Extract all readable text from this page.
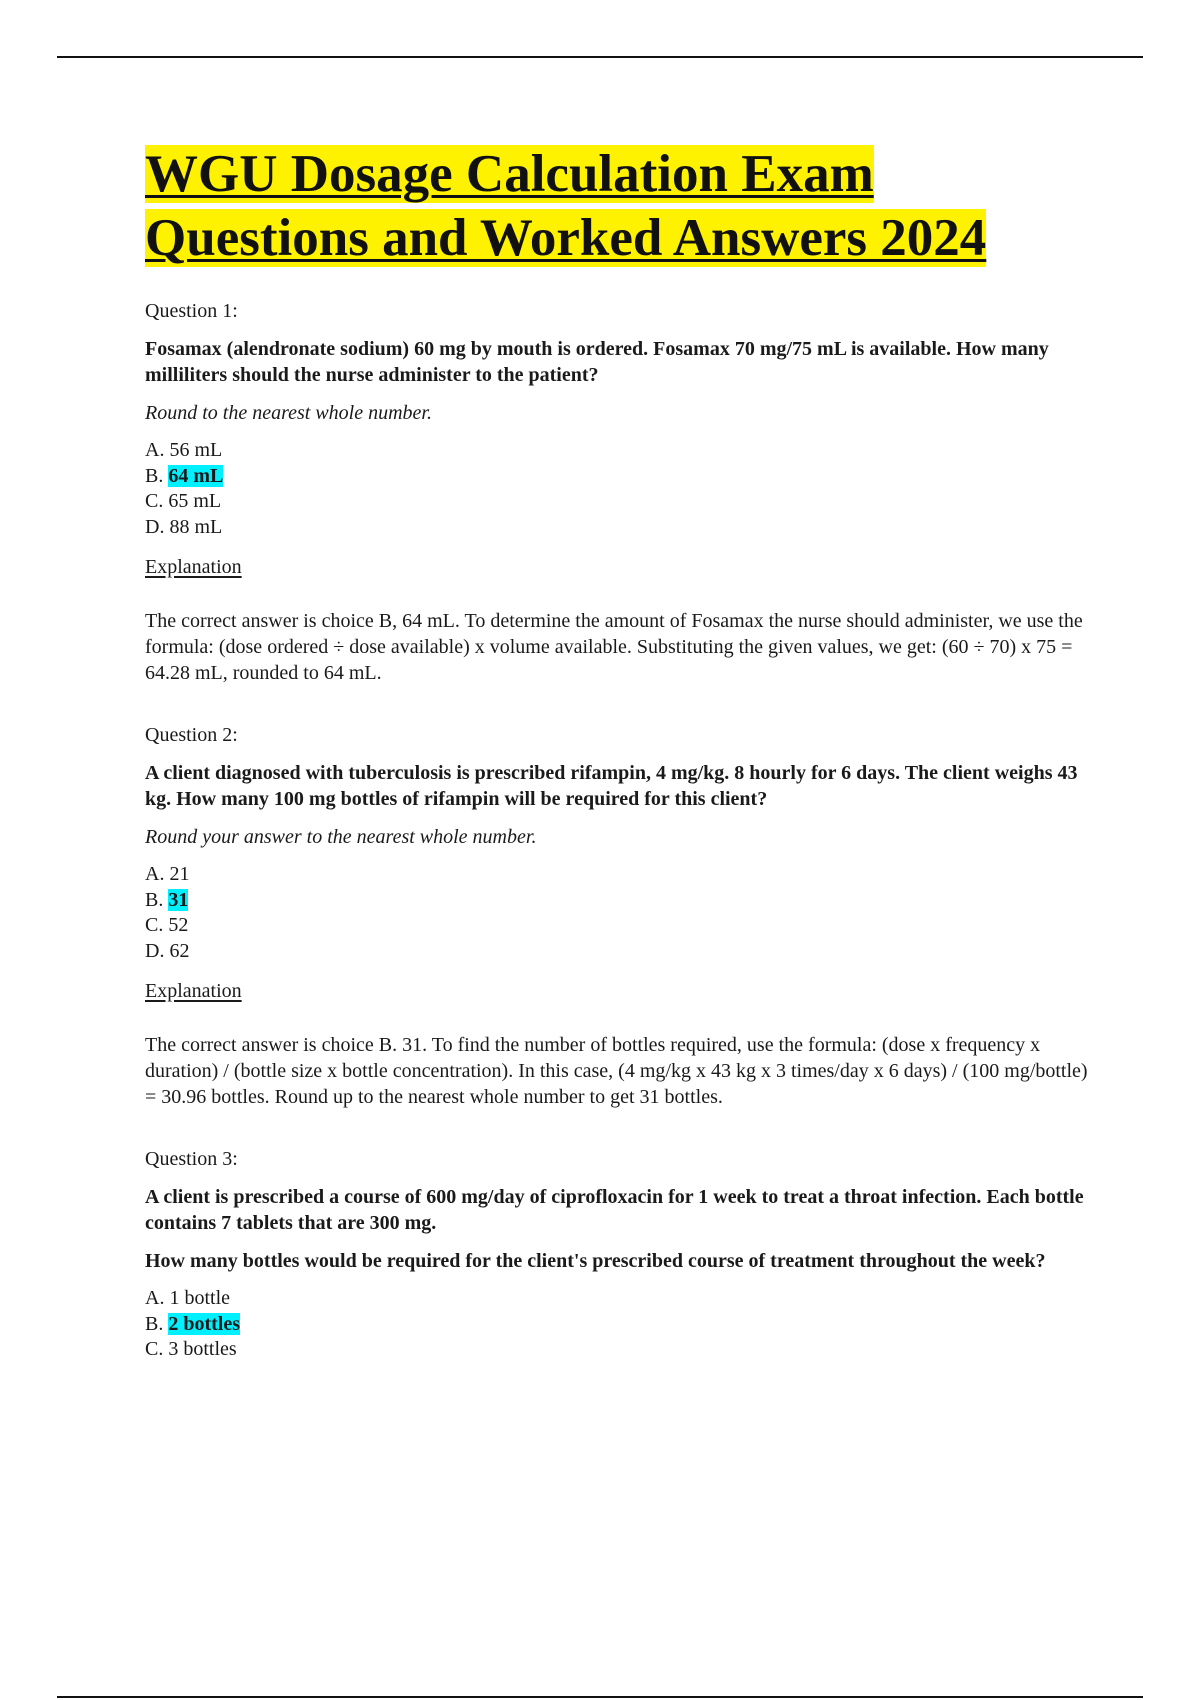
WGU Dosage Calculation Exam
Questions and Worked Answers 2024

Question 1:

Fosamax (alendronate sodium) 60 mg by mouth is ordered. Fosamax 70 mg/75 mL is available. How many milliliters should the nurse administer to the patient?

Round to the nearest whole number.

A. 56 mL
B. 64 mL
C. 65 mL
D. 88 mL

Explanation

The correct answer is choice B, 64 mL. To determine the amount of Fosamax the nurse should administer, we use the formula: (dose ordered ÷ dose available) x volume available. Substituting the given values, we get: (60 ÷ 70) x 75 = 64.28 mL, rounded to 64 mL.

Question 2:

A client diagnosed with tuberculosis is prescribed rifampin, 4 mg/kg. 8 hourly for 6 days. The client weighs 43 kg. How many 100 mg bottles of rifampin will be required for this client?

Round your answer to the nearest whole number.

A. 21
B. 31
C. 52
D. 62

Explanation

The correct answer is choice B. 31. To find the number of bottles required, use the formula: (dose x frequency x duration) / (bottle size x bottle concentration). In this case, (4 mg/kg x 43 kg x 3 times/day x 6 days) / (100 mg/bottle) = 30.96 bottles. Round up to the nearest whole number to get 31 bottles.

Question 3:

A client is prescribed a course of 600 mg/day of ciprofloxacin for 1 week to treat a throat infection. Each bottle contains 7 tablets that are 300 mg.

How many bottles would be required for the client's prescribed course of treatment throughout the week?

A. 1 bottle
B. 2 bottles
C. 3 bottles
